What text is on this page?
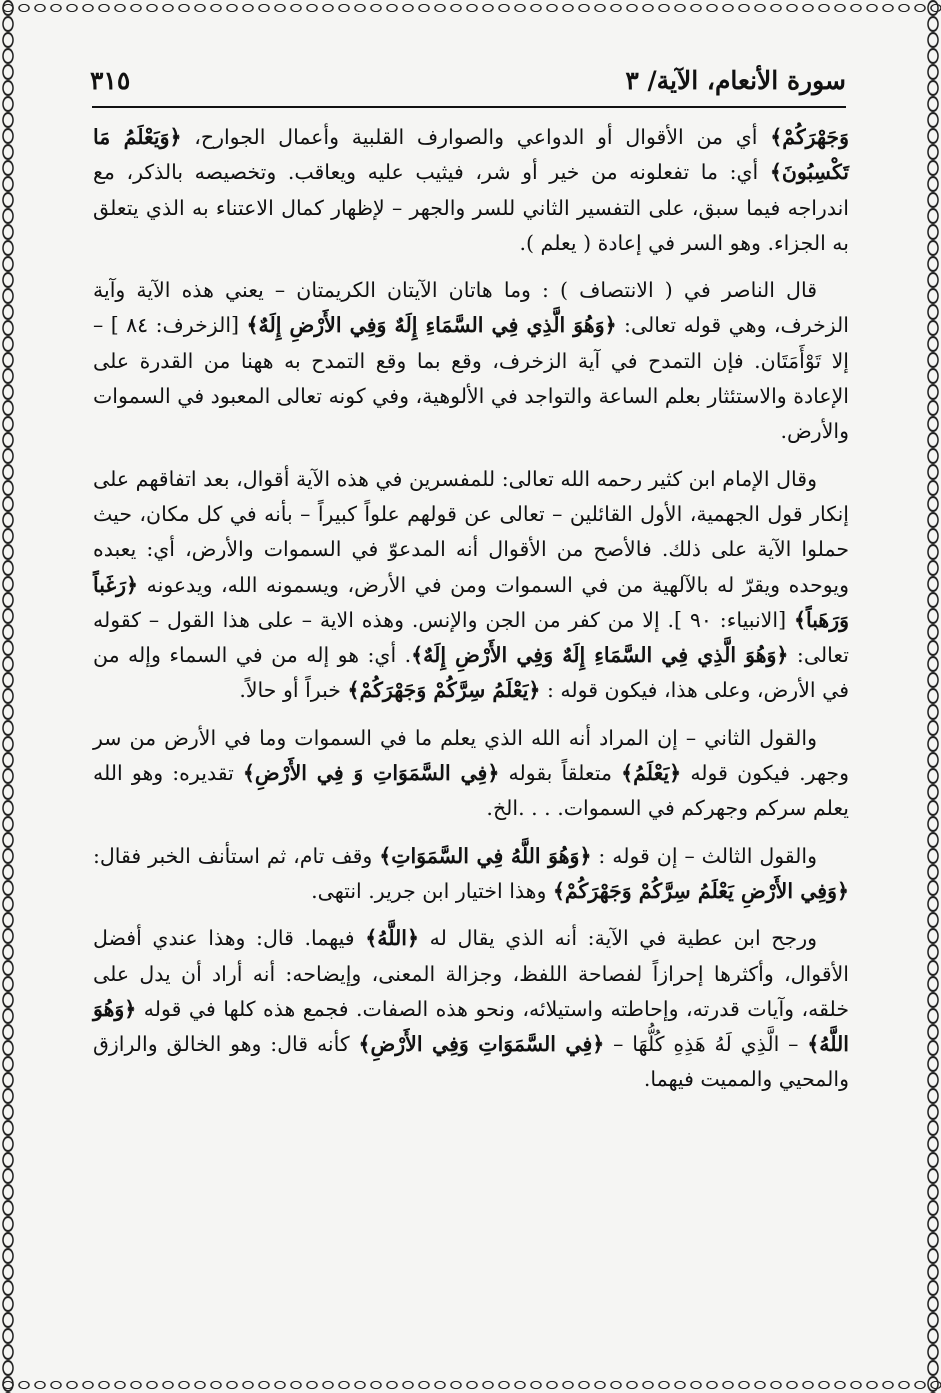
سورة الأنعام، الآية/ ٣
٣١٥

وَجَهْرَكُمْ﴾ أي من الأقوال أو الدواعي والصوارف القلبية وأعمال الجوارح، ﴿وَيَعْلَمُ مَا تَكْسِبُونَ﴾ أي: ما تفعلونه من خير أو شر، فيثيب عليه ويعاقب. وتخصيصه بالذكر، مع اندراجه فيما سبق، على التفسير الثاني للسر والجهر – لإظهار كمال الاعتناء به الذي يتعلق به الجزاء. وهو السر في إعادة ( يعلم ).

قال الناصر في ( الانتصاف ) : وما هاتان الآيتان الكريمتان – يعني هذه الآية وآية الزخرف، وهي قوله تعالى: ﴿وَهُوَ الَّذِي فِي السَّمَاءِ إِلَهٌ وَفِي الأَرْضِ إِلَهٌ﴾ [الزخرف: ٨٤ ] – إلا تَوْأَمَتَان. فإن التمدح في آية الزخرف، وقع بما وقع التمدح به ههنا من القدرة على الإعادة والاستئثار بعلم الساعة والتواجد في الألوهية، وفي كونه تعالى المعبود في السموات والأرض.

وقال الإمام ابن كثير رحمه الله تعالى: للمفسرين في هذه الآية أقوال، بعد اتفاقهم على إنكار قول الجهمية، الأول القائلين – تعالى عن قولهم علواً كبيراً – بأنه في كل مكان، حيث حملوا الآية على ذلك. فالأصح من الأقوال أنه المدعوّ في السموات والأرض، أي: يعبده ويوحده ويقرّ له بالآلهية من في السموات ومن في الأرض، ويسمونه الله، ويدعونه ﴿رَغَباً وَرَهَباً﴾ [الانبياء: ٩٠ ]. إلا من كفر من الجن والإنس. وهذه الاية – على هذا القول – كقوله تعالى: ﴿وَهُوَ الَّذِي فِي السَّمَاءِ إِلَهٌ وَفِي الأَرْضِ إِلَهٌ﴾. أي: هو إله من في السماء وإله من في الأرض، وعلى هذا، فيكون قوله : ﴿يَعْلَمُ سِرَّكُمْ وَجَهْرَكُمْ﴾ خبراً أو حالاً.

والقول الثاني – إن المراد أنه الله الذي يعلم ما في السموات وما في الأرض من سر وجهر. فيكون قوله ﴿يَعْلَمُ﴾ متعلقاً بقوله ﴿فِي السَّمَوَاتِ وَ فِي الأَرْضِ﴾ تقديره: وهو الله يعلم سركم وجهركم في السموات. . . .الخ.

والقول الثالث – إن قوله : ﴿وَهُوَ اللَّهُ فِي السَّمَوَاتِ﴾ وقف تام، ثم استأنف الخبر فقال: ﴿وَفِي الأَرْضِ يَعْلَمُ سِرَّكُمْ وَجَهْرَكُمْ﴾ وهذا اختيار ابن جرير. انتهى.

ورجح ابن عطية في الآية: أنه الذي يقال له ﴿اللَّهُ﴾ فيهما. قال: وهذا عندي أفضل الأقوال، وأكثرها إحرازاً لفصاحة اللفظ، وجزالة المعنى، وإيضاحه: أنه أراد أن يدل على خلقه، وآيات قدرته، وإحاطته واستيلائه، ونحو هذه الصفات. فجمع هذه كلها في قوله ﴿وَهُوَ اللَّهُ﴾ – الَّذِي لَهُ هَذِهِ كُلُّهَا – ﴿فِي السَّمَوَاتِ وَفِي الأَرْضِ﴾ كأنه قال: وهو الخالق والرازق والمحيي والمميت فيهما.
